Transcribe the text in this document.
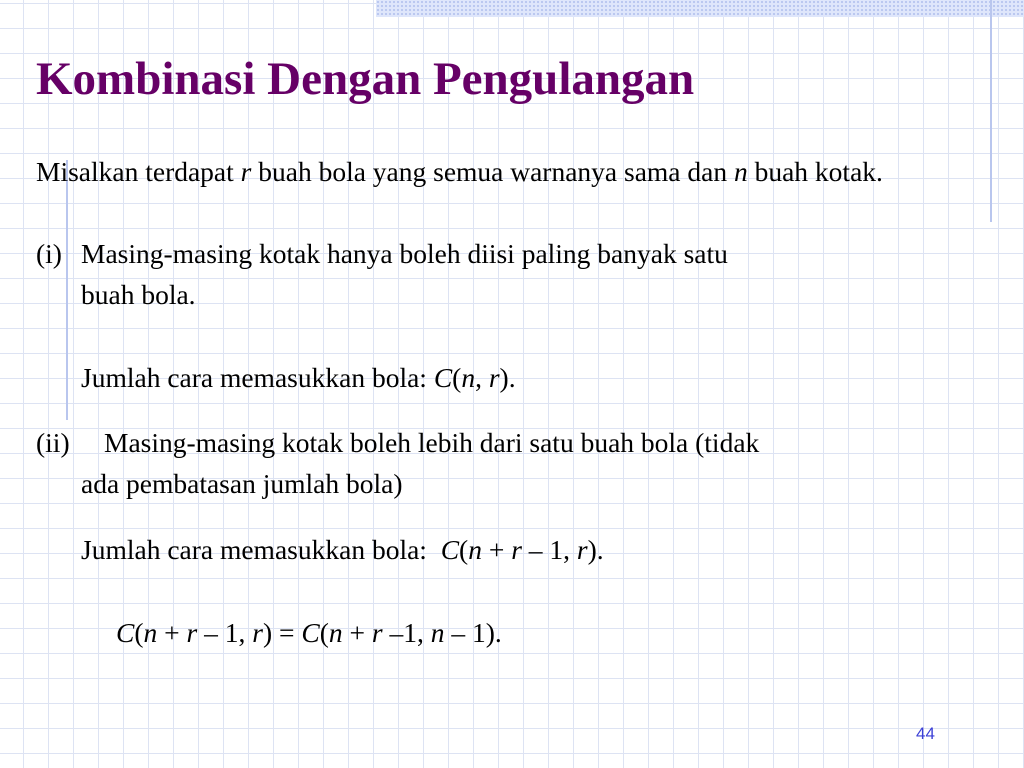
Kombinasi Dengan Pengulangan
Misalkan terdapat r buah bola yang semua warnanya sama dan n buah kotak.
(i) Masing-masing kotak hanya boleh diisi paling banyak satu
buah bola.
Jumlah cara memasukkan bola: C(n, r).
(ii)	Masing-masing kotak boleh lebih dari satu buah bola (tidak
ada pembatasan jumlah bola)
Jumlah cara memasukkan bola: C(n + r – 1, r).
C(n + r – 1, r) = C(n + r –1, n – 1).
44
